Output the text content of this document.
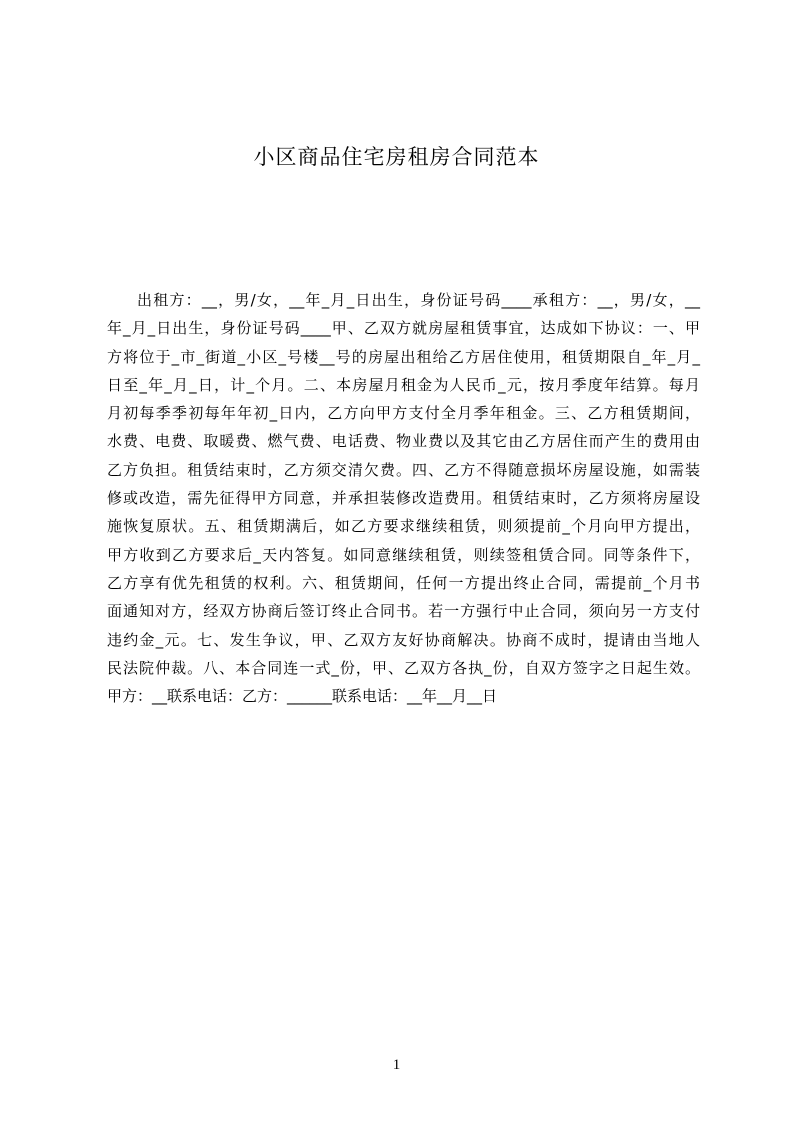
小区商品住宅房租房合同范本
出租方：__，男/女，__年_月_日出生，身份证号码____承租方：__，男/女，__
年_月_日出生，身份证号码____甲、乙双方就房屋租赁事宜，达成如下协议：一、甲
方将位于_市_街道_小区_号楼__号的房屋出租给乙方居住使用，租赁期限自_年_月_
日至_年_月_日，计_个月。二、本房屋月租金为人民币_元，按月季度年结算。每月
月初每季季初每年年初_日内，乙方向甲方支付全月季年租金。三、乙方租赁期间，
水费、电费、取暖费、燃气费、电话费、物业费以及其它由乙方居住而产生的费用由
乙方负担。租赁结束时，乙方须交清欠费。四、乙方不得随意损坏房屋设施，如需装
修或改造，需先征得甲方同意，并承担装修改造费用。租赁结束时，乙方须将房屋设
施恢复原状。五、租赁期满后，如乙方要求继续租赁，则须提前_个月向甲方提出，
甲方收到乙方要求后_天内答复。如同意继续租赁，则续签租赁合同。同等条件下，
乙方享有优先租赁的权利。六、租赁期间，任何一方提出终止合同，需提前_个月书
面通知对方，经双方协商后签订终止合同书。若一方强行中止合同，须向另一方支付
违约金_元。七、发生争议，甲、乙双方友好协商解决。协商不成时，提请由当地人
民法院仲裁。八、本合同连一式_份，甲、乙双方各执_份，自双方签字之日起生效。
甲方：__联系电话：乙方：______联系电话：__年__月__日
1
